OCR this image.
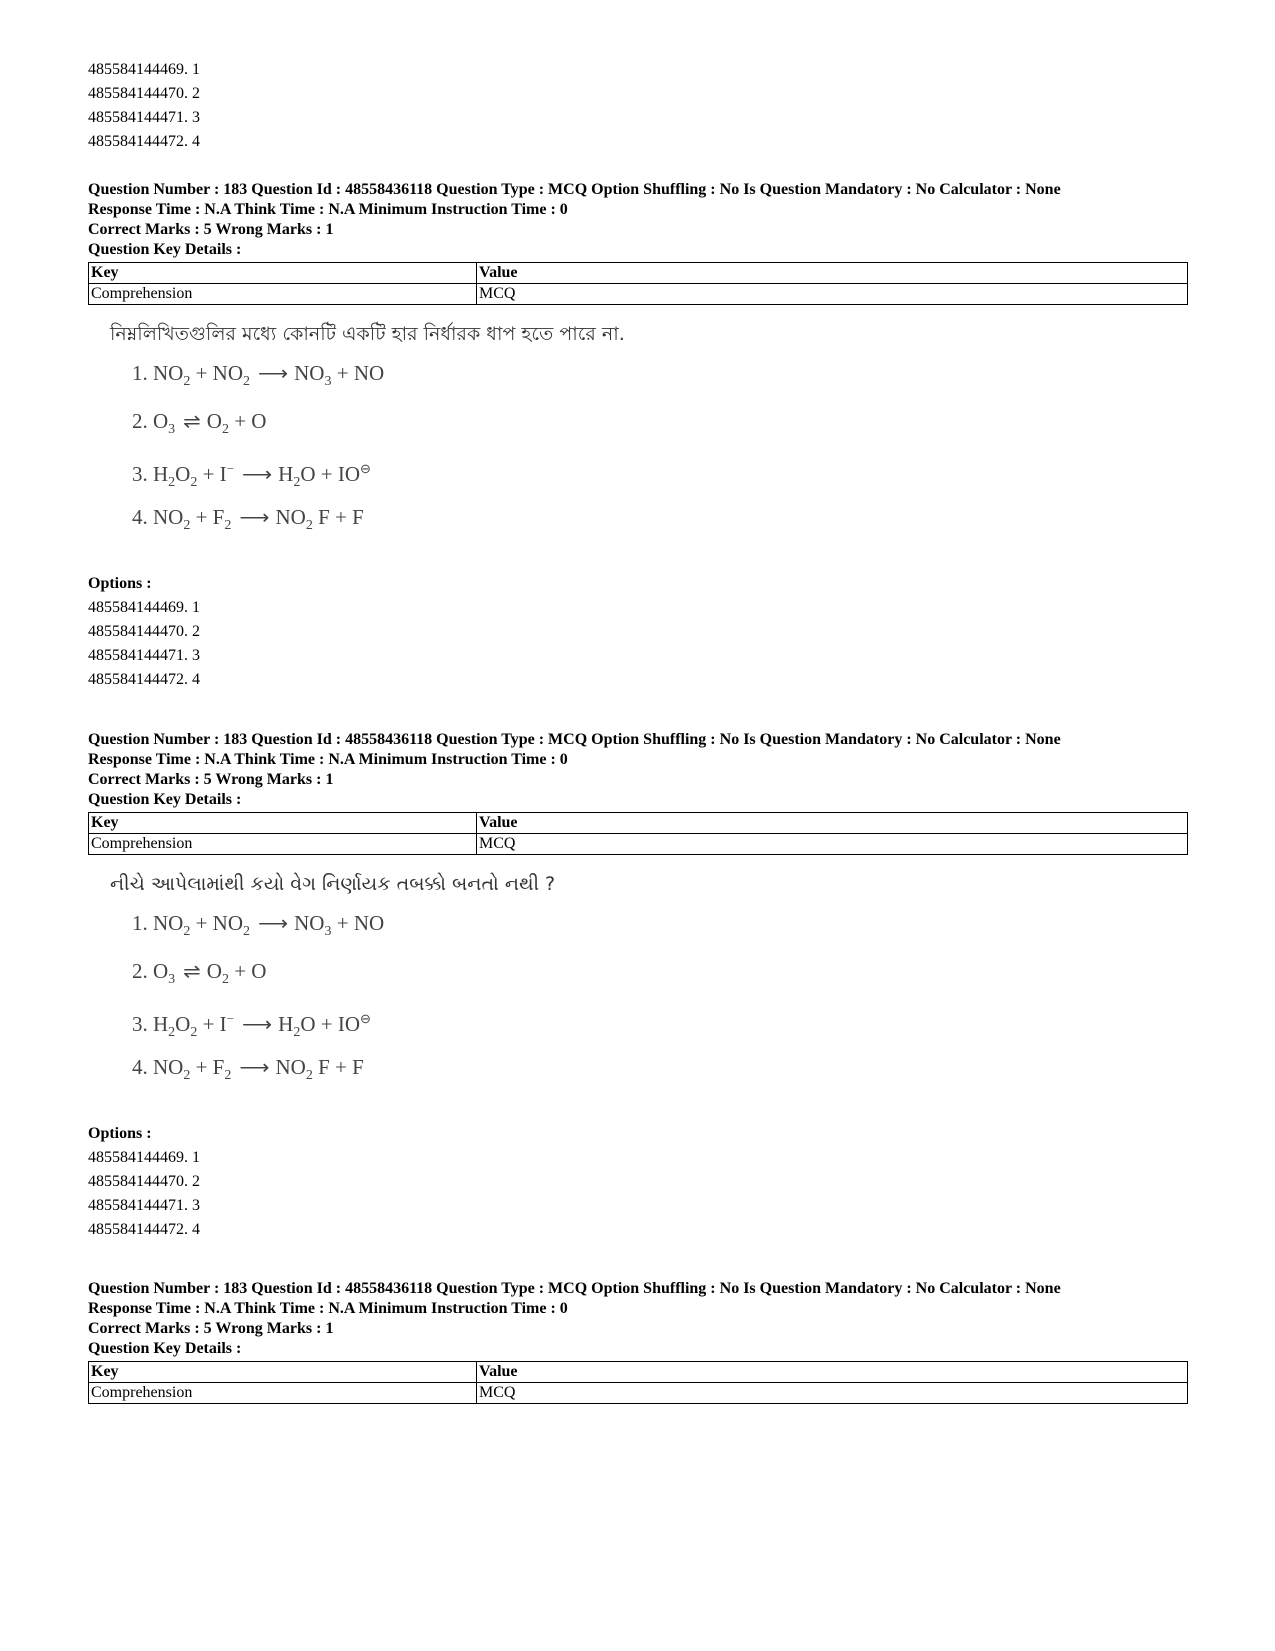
485584144469. 1
485584144470. 2
485584144471. 3
485584144472. 4
Question Number : 183 Question Id : 48558436118 Question Type : MCQ Option Shuffling : No Is Question Mandatory : No Calculator : None
Response Time : N.A Think Time : N.A Minimum Instruction Time : 0
Correct Marks : 5 Wrong Marks : 1
Question Key Details :
Key	Value
Comprehension	MCQ
নিম্নলিখিতগুলির মধ্যে কোনটি একটি হার নির্ধারক ধাপ হতে পারে না.
1. $NO_2 + NO_2$ ⟶ $NO_3$ + NO
2. $O_3$ ⇌ $O_2 + O$
3. $H_2O_2 + I^-$ ⟶ $H_2O + IO^⊖$
4. $NO_2 + F_2$ ⟶ $NO_2$ F + F
Options :
485584144469. 1
485584144470. 2
485584144471. 3
485584144472. 4
Question Number : 183 Question Id : 48558436118 Question Type : MCQ Option Shuffling : No Is Question Mandatory : No Calculator : None
Response Time : N.A Think Time : N.A Minimum Instruction Time : 0
Correct Marks : 5 Wrong Marks : 1
Question Key Details :
Key	Value
Comprehension	MCQ
નીચે આપેલામાંથી કયો વેગ નિર્ણાયક તબક્કો બનતો નથી ?
1. $NO_2 + NO_2$ ⟶ $NO_3$ + NO
2. $O_3$ ⇌ $O_2 + O$
3. $H_2O_2 + I^-$ ⟶ $H_2O + IO^⊖$
4. $NO_2 + F_2$ ⟶ $NO_2$ F + F
Options :
485584144469. 1
485584144470. 2
485584144471. 3
485584144472. 4
Question Number : 183 Question Id : 48558436118 Question Type : MCQ Option Shuffling : No Is Question Mandatory : No Calculator : None
Response Time : N.A Think Time : N.A Minimum Instruction Time : 0
Correct Marks : 5 Wrong Marks : 1
Question Key Details :
Key	Value
Comprehension	MCQ
